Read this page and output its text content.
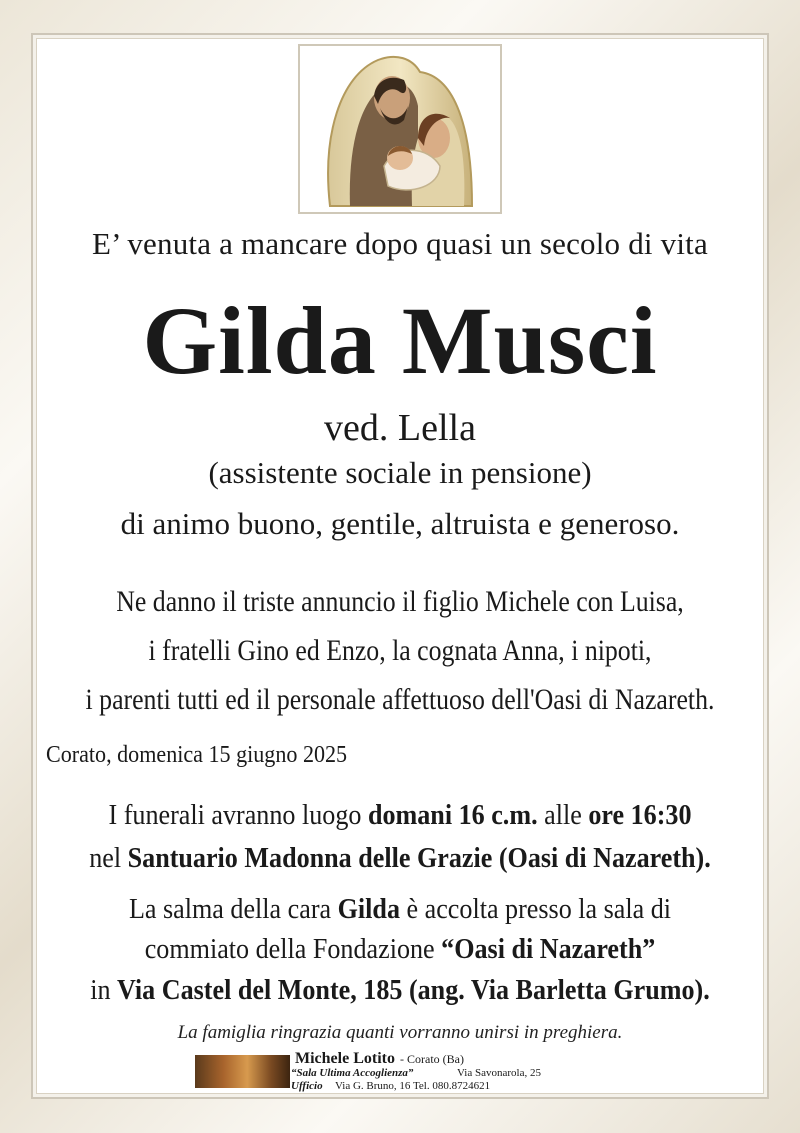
E’ venuta a mancare dopo quasi un secolo di vita
Gilda Musci
ved. Lella
(assistente sociale in pensione)
di animo buono, gentile, altruista e generoso.
Ne danno il triste annuncio il figlio Michele con Luisa,
i fratelli Gino ed Enzo, la cognata Anna, i nipoti,
i parenti tutti ed il personale affettuoso dell'Oasi di Nazareth.
Corato, domenica 15 giugno 2025
I funerali avranno luogo domani 16 c.m. alle ore 16:30
nel Santuario Madonna delle Grazie (Oasi di Nazareth).
La salma della cara Gilda è accolta presso la sala di
commiato della Fondazione “Oasi di Nazareth”
in Via Castel del Monte, 185 (ang. Via Barletta Grumo).
La famiglia ringrazia quanti vorranno unirsi in preghiera.
Michele Lotito - Corato (Ba)
“Sala Ultima Accoglienza”	Via Savonarola, 25
Ufficio Via G. Bruno, 16 Tel. 080.8724621
